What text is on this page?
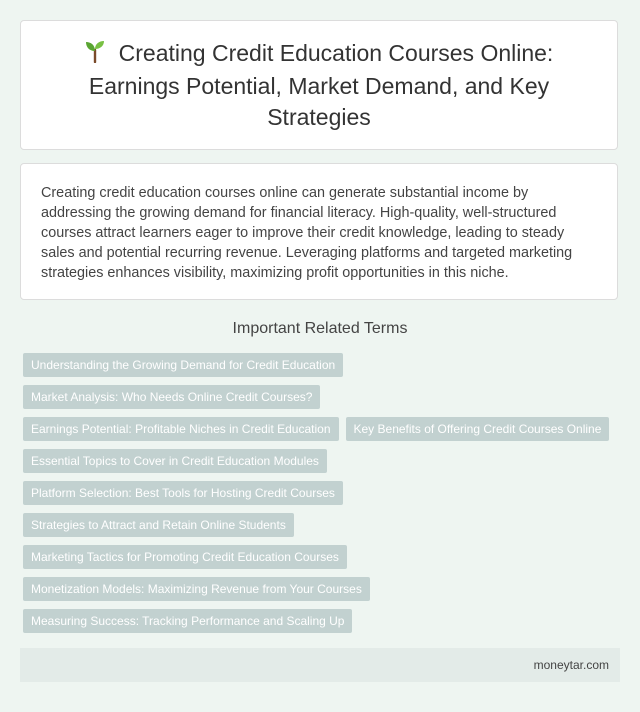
Creating Credit Education Courses Online: Earnings Potential, Market Demand, and Key Strategies

Creating credit education courses online can generate substantial income by addressing the growing demand for financial literacy. High-quality, well-structured courses attract learners eager to improve their credit knowledge, leading to steady sales and potential recurring revenue. Leveraging platforms and targeted marketing strategies enhances visibility, maximizing profit opportunities in this niche.

Important Related Terms
Understanding the Growing Demand for Credit Education
Market Analysis: Who Needs Online Credit Courses?
Earnings Potential: Profitable Niches in Credit Education	Key Benefits of Offering Credit Courses Online
Essential Topics to Cover in Credit Education Modules
Platform Selection: Best Tools for Hosting Credit Courses
Strategies to Attract and Retain Online Students
Marketing Tactics for Promoting Credit Education Courses
Monetization Models: Maximizing Revenue from Your Courses
Measuring Success: Tracking Performance and Scaling Up
moneytar.com
